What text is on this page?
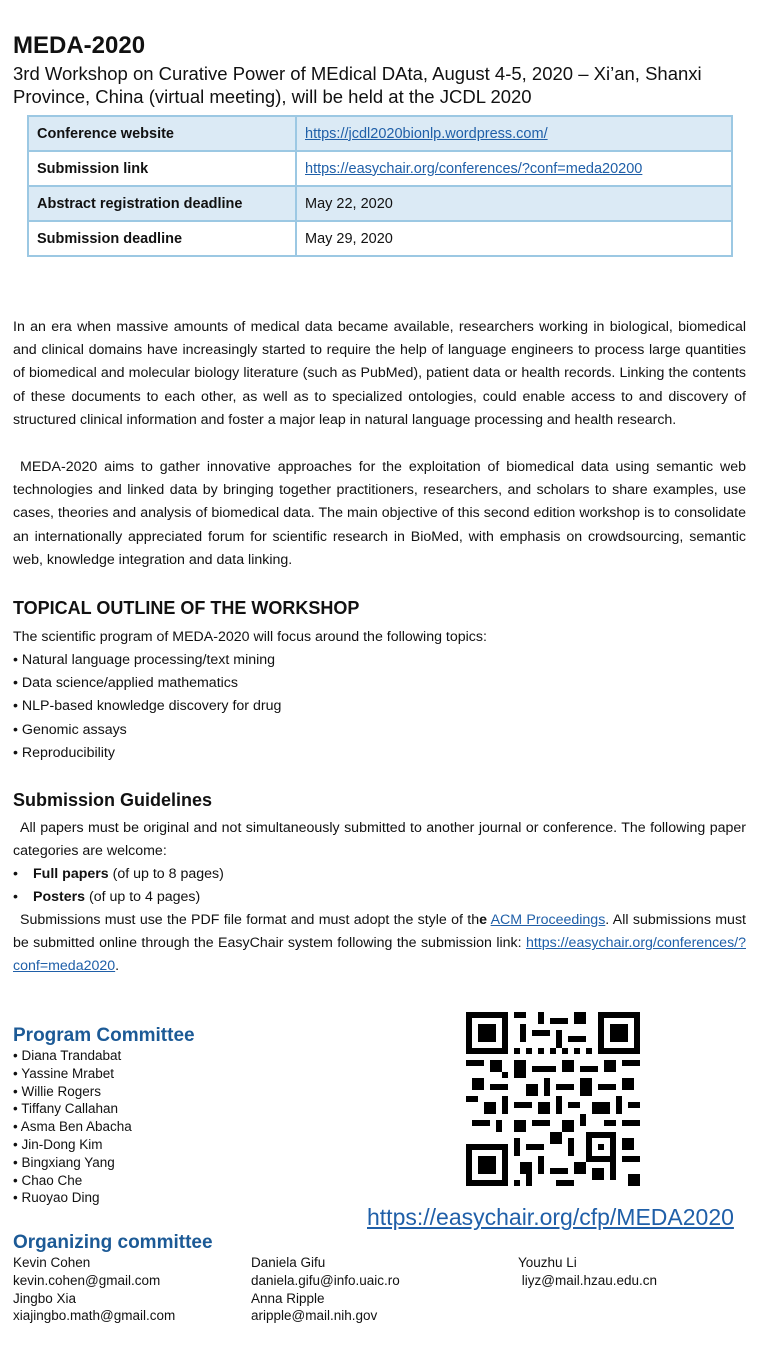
MEDA-2020
3rd Workshop on Curative Power of MEdical DAta, August 4-5, 2020 – Xi’an, Shanxi Province, China (virtual meeting), will be held at the JCDL 2020
Conference website	https://jcdl2020bionlp.wordpress.com/
Submission link	https://easychair.org/conferences/?conf=meda20200
Abstract registration deadline	May 22, 2020
Submission deadline	May 29, 2020
In an era when massive amounts of medical data became available, researchers working in biological, biomedical and clinical domains have increasingly started to require the help of language engineers to process large quantities of biomedical and molecular biology literature (such as PubMed), patient data or health records. Linking the contents of these documents to each other, as well as to specialized ontologies, could enable access to and discovery of structured clinical information and foster a major leap in natural language processing and health research.
MEDA-2020 aims to gather innovative approaches for the exploitation of biomedical data using semantic web technologies and linked data by bringing together practitioners, researchers, and scholars to share examples, use cases, theories and analysis of biomedical data. The main objective of this second edition workshop is to consolidate an internationally appreciated forum for scientific research in BioMed, with emphasis on crowdsourcing, semantic web, knowledge integration and data linking.
TOPICAL OUTLINE OF THE WORKSHOP
The scientific program of MEDA-2020 will focus around the following topics:
• Natural language processing/text mining
• Data science/applied mathematics
• NLP-based knowledge discovery for drug
• Genomic assays
• Reproducibility
Submission Guidelines
All papers must be original and not simultaneously submitted to another journal or conference. The following paper categories are welcome:
• Full papers (of up to 8 pages)
• Posters (of up to 4 pages)
Submissions must use the PDF file format and must adopt the style of the ACM Proceedings. All submissions must be submitted online through the EasyChair system following the submission link: https://easychair.org/conferences/?conf=meda2020.
Program Committee
• Diana Trandabat
• Yassine Mrabet
• Willie Rogers
• Tiffany Callahan
• Asma Ben Abacha
• Jin-Dong Kim
• Bingxiang Yang
• Chao Che
• Ruoyao Ding
https://easychair.org/cfp/MEDA2020
Organizing committee
Kevin Cohen
kevin.cohen@gmail.com
Jingbo Xia
xiajingbo.math@gmail.com
Daniela Gifu
daniela.gifu@info.uaic.ro
Anna Ripple
aripple@mail.nih.gov
Youzhu Li
liyz@mail.hzau.edu.cn
